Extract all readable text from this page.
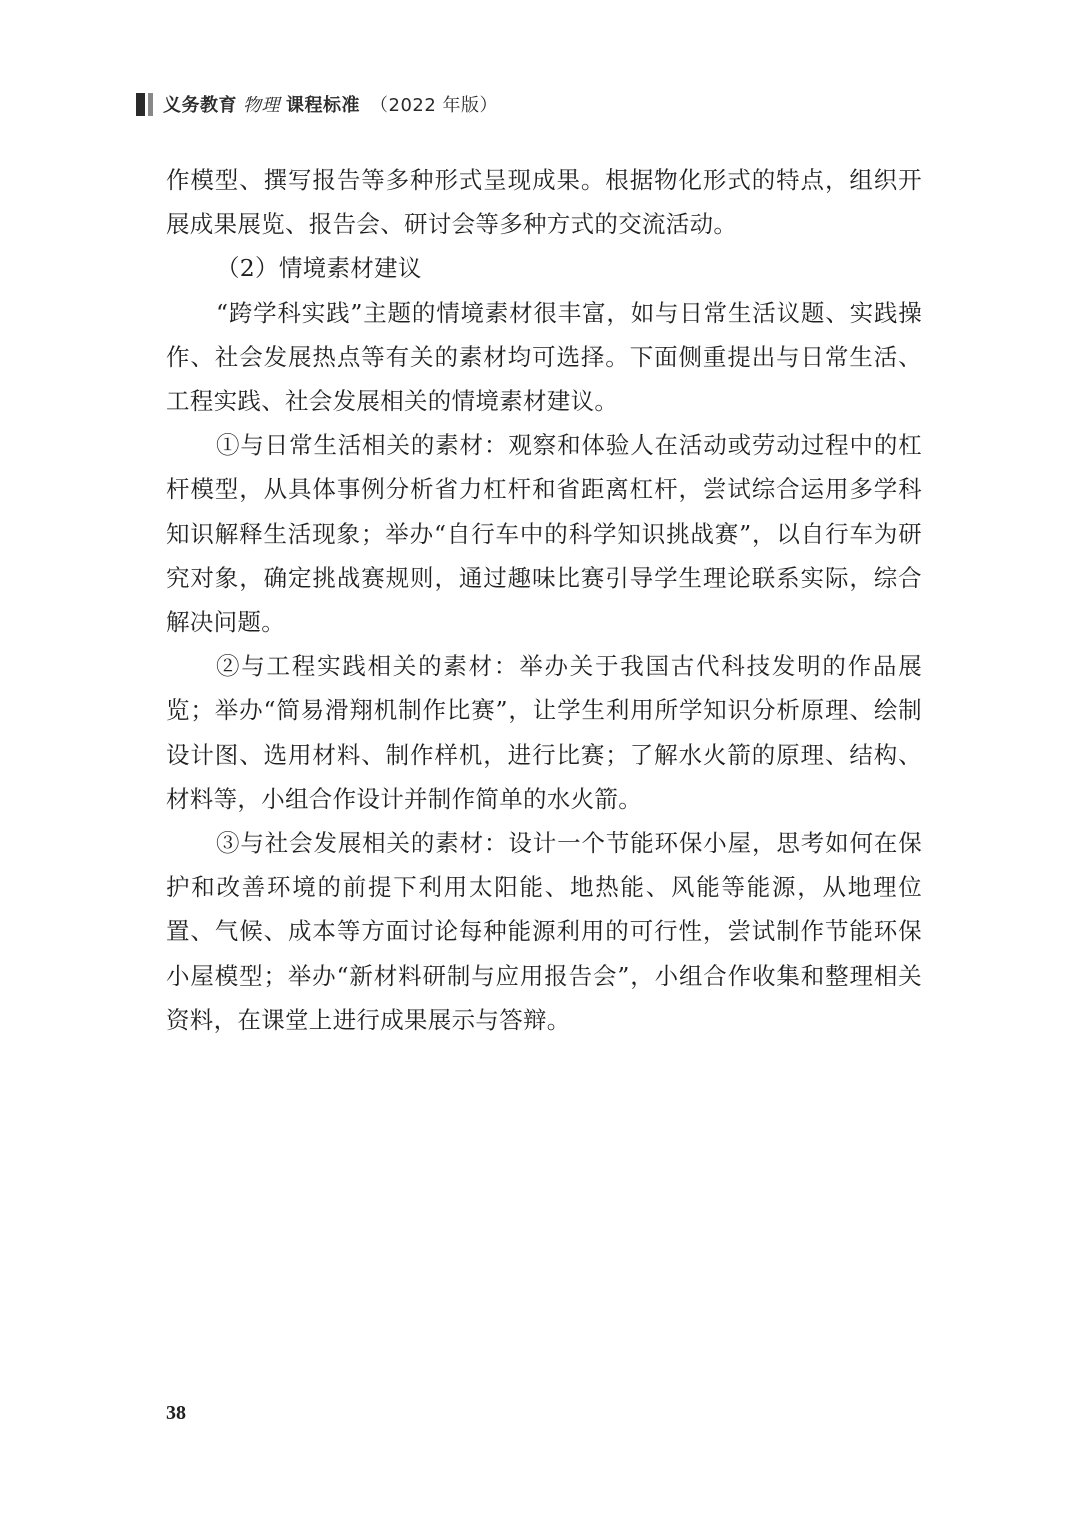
义务教育 物理 课程标准 （2022 年版）

作模型、撰写报告等多种形式呈现成果。根据物化形式的特点，组织开展成果展览、报告会、研讨会等多种方式的交流活动。

（2）情境素材建议

“跨学科实践”主题的情境素材很丰富，如与日常生活议题、实践操作、社会发展热点等有关的素材均可选择。下面侧重提出与日常生活、工程实践、社会发展相关的情境素材建议。

①与日常生活相关的素材：观察和体验人在活动或劳动过程中的杠杆模型，从具体事例分析省力杠杆和省距离杠杆，尝试综合运用多学科知识解释生活现象；举办“自行车中的科学知识挑战赛”，以自行车为研究对象，确定挑战赛规则，通过趣味比赛引导学生理论联系实际，综合解决问题。

②与工程实践相关的素材：举办关于我国古代科技发明的作品展览；举办“简易滑翔机制作比赛”，让学生利用所学知识分析原理、绘制设计图、选用材料、制作样机，进行比赛；了解水火箭的原理、结构、材料等，小组合作设计并制作简单的水火箭。

③与社会发展相关的素材：设计一个节能环保小屋，思考如何在保护和改善环境的前提下利用太阳能、地热能、风能等能源，从地理位置、气候、成本等方面讨论每种能源利用的可行性，尝试制作节能环保小屋模型；举办“新材料研制与应用报告会”，小组合作收集和整理相关资料，在课堂上进行成果展示与答辩。

38
